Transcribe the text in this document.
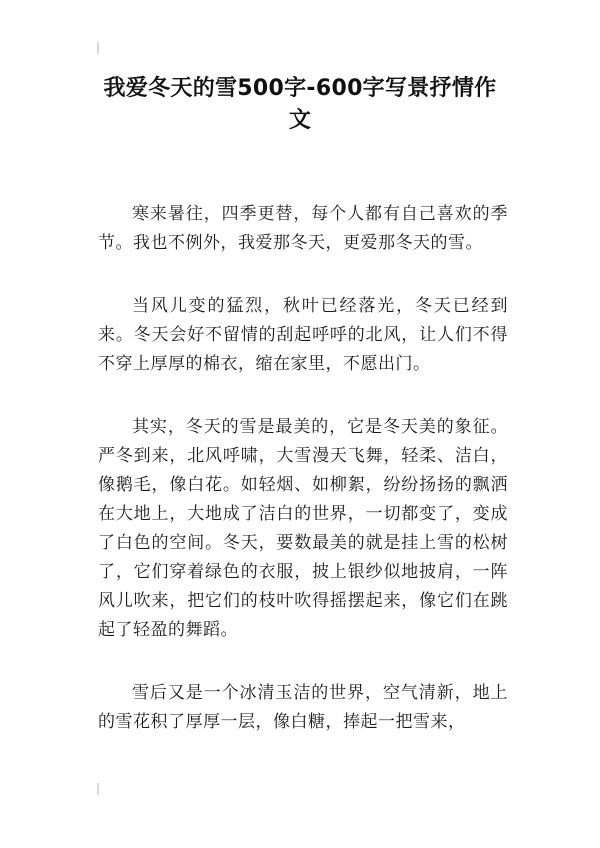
我爱冬天的雪500字-600字写景抒情作文

寒来暑往，四季更替，每个人都有自己喜欢的季节。我也不例外，我爱那冬天，更爱那冬天的雪。

当风儿变的猛烈，秋叶已经落光，冬天已经到来。冬天会好不留情的刮起呼呼的北风，让人们不得不穿上厚厚的棉衣，缩在家里，不愿出门。

其实，冬天的雪是最美的，它是冬天美的象征。严冬到来，北风呼啸，大雪漫天飞舞，轻柔、洁白，像鹅毛，像白花。如轻烟、如柳絮，纷纷扬扬的飘洒在大地上，大地成了洁白的世界，一切都变了，变成了白色的空间。冬天，要数最美的就是挂上雪的松树了，它们穿着绿色的衣服，披上银纱似地披肩，一阵风儿吹来，把它们的枝叶吹得摇摆起来，像它们在跳起了轻盈的舞蹈。

雪后又是一个冰清玉洁的世界，空气清新，地上的雪花积了厚厚一层，像白糖，捧起一把雪来，
